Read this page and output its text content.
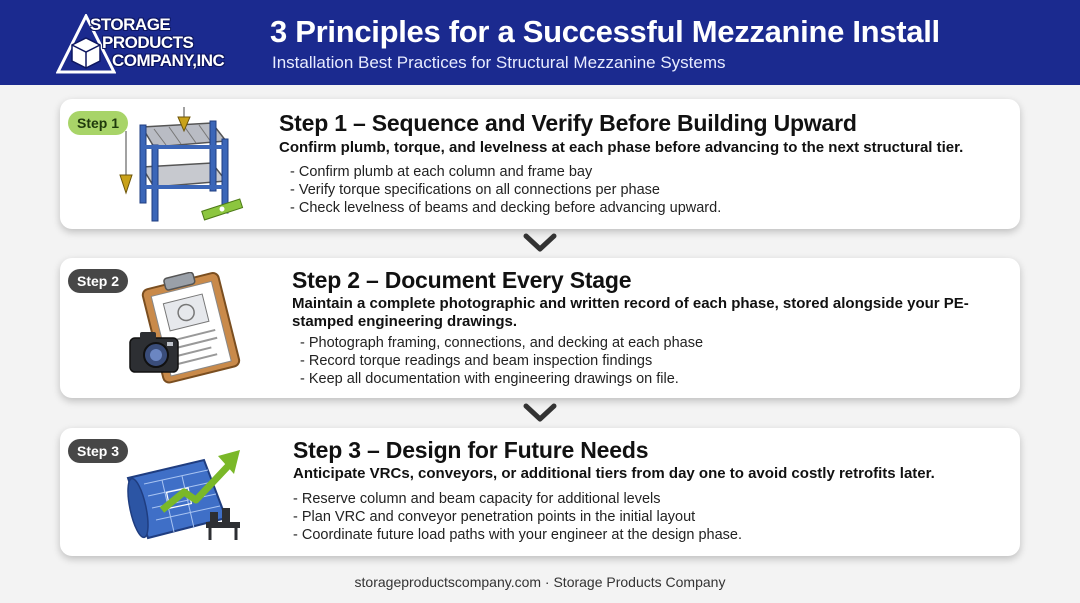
STORAGE
PRODUCTS
COMPANY,INC
3 Principles for a Successful Mezzanine Install
Installation Best Practices for Structural Mezzanine Systems
Step 1	Step 1 – Sequence and Verify Before Building Upward
Confirm plumb, torque, and levelness at each phase before advancing to the next structural tier.
- Confirm plumb at each column and frame bay
- Verify torque specifications on all connections per phase
- Check levelness of beams and decking before advancing upward.
Step 2	Step 2 – Document Every Stage
Maintain a complete photographic and written record of each phase, stored alongside your PE-stamped engineering drawings.
- Photograph framing, connections, and decking at each phase
- Record torque readings and beam inspection findings
- Keep all documentation with engineering drawings on file.
Step 3	Step 3 – Design for Future Needs
Anticipate VRCs, conveyors, or additional tiers from day one to avoid costly retrofits later.
- Reserve column and beam capacity for additional levels
- Plan VRC and conveyor penetration points in the initial layout
- Coordinate future load paths with your engineer at the design phase.
storageproductscompany.com · Storage Products Company
